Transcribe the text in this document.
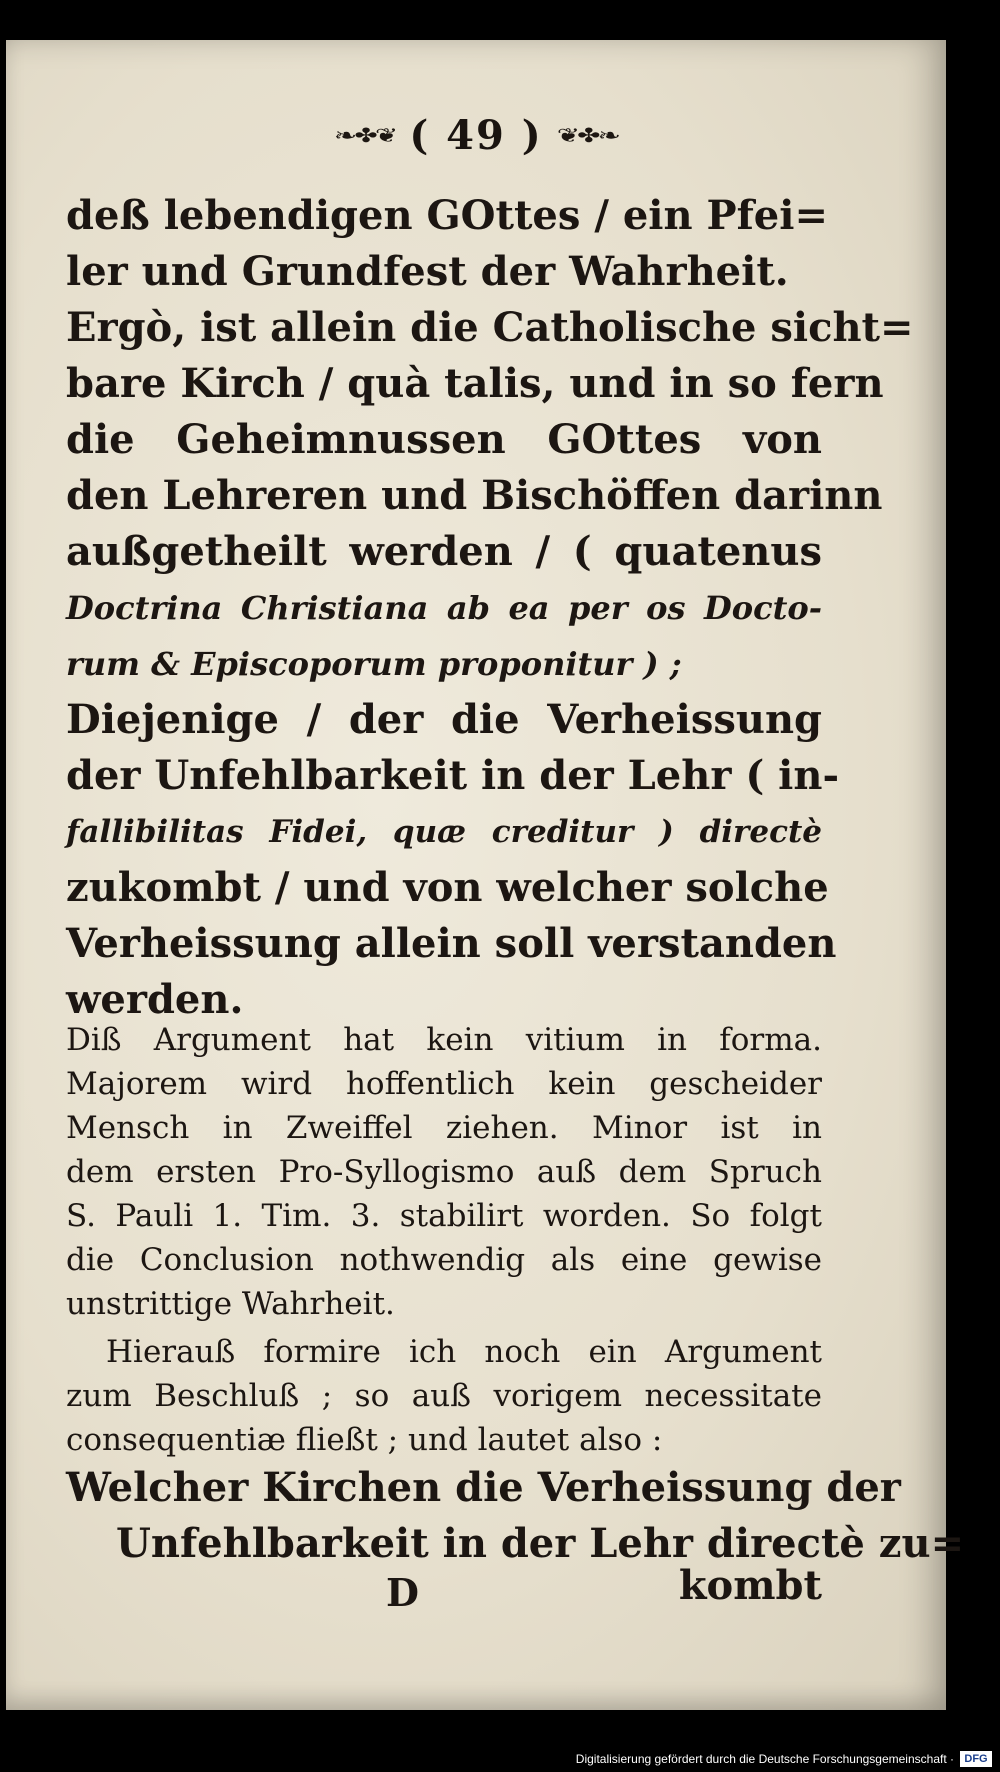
❧✤❦ ( 49 ) ❦✤❧
deß lebendigen GOttes / ein Pfei=
ler und Grundfest der Wahrheit.
Ergò, ist allein die Catholische sicht=
bare Kirch / quà talis, und in so fern
die Geheimnussen GOttes von
den Lehreren und Bischöffen darinn
außgetheilt werden / ( quatenus
Doctrina Christiana ab ea per os Docto-
rum & Episcoporum proponitur ) ;
Diejenige / der die Verheissung
der Unfehlbarkeit in der Lehr ( in-
fallibilitas Fidei, quæ creditur ) directè
zukombt / und von welcher solche
Verheissung allein soll verstanden
werden.
Diß Argument hat kein vitium in forma.
Majorem wird hoffentlich kein gescheider
Mensch in Zweiffel ziehen. Minor ist in
dem ersten Pro-Syllogismo auß dem Spruch
S. Pauli 1. Tim. 3. stabilirt worden. So folgt
die Conclusion nothwendig als eine gewise
unstrittige Wahrheit.
Hierauß formire ich noch ein Argument
zum Beschluß ; so auß vorigem necessitate
consequentiæ fließt ; und lautet also :
Welcher Kirchen die Verheissung der
Unfehlbarkeit in der Lehr directè zu=
D	kombt
Digitalisierung gefördert durch die Deutsche Forschungsgemeinschaft · DFG
